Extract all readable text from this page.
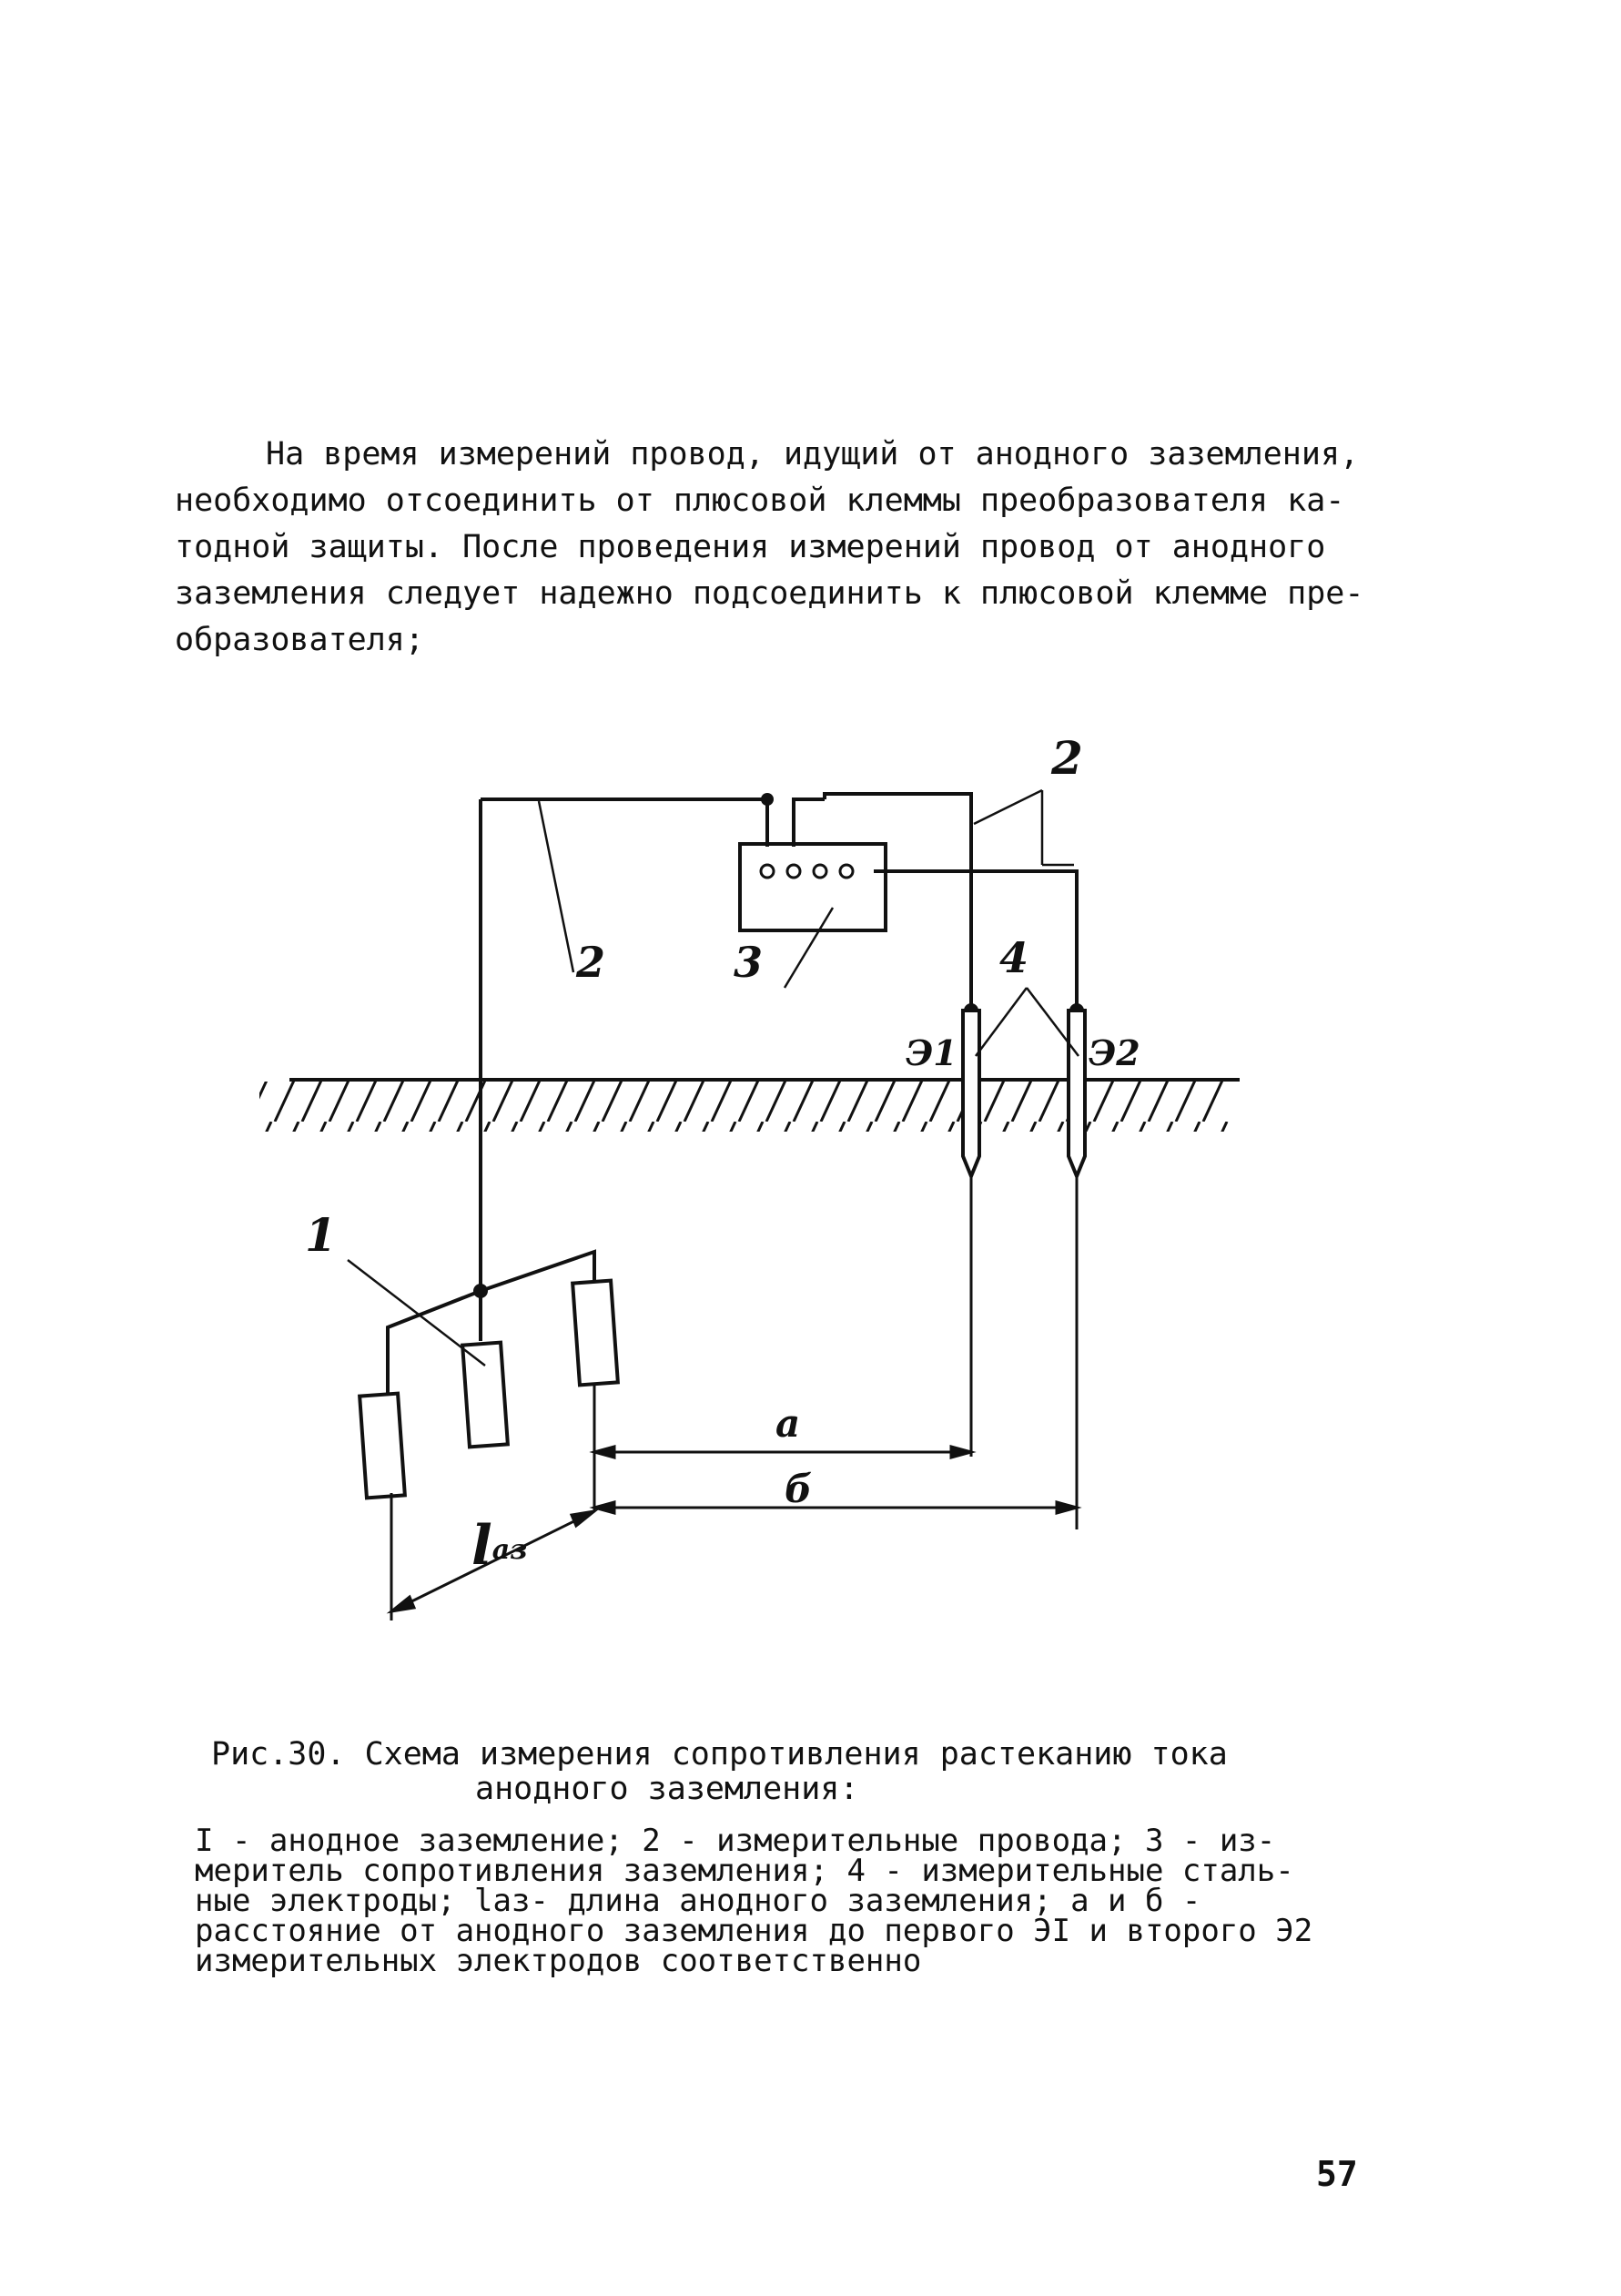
На время измерений провод, идущий от анодного заземления,
необходимо отсоединить от плюсовой клеммы преобразователя ка-
тодной защиты. После проведения измерений провод от анодного
заземления следует надежно подсоединить к плюсовой клемме пре-
образователя;

2
2	3	4
1
Э1	Э2
а
б
lаз

Рис.30. Схема измерения сопротивления растеканию тока
анодного заземления:

I - анодное заземление; 2 - измерительные провода; 3 - из-
меритель сопротивления заземления; 4 - измерительные сталь-
ные электроды; lаз- длина анодного заземления; а и б -
расстояние от анодного заземления до первого ЭI и второго Э2
измерительных электродов соответственно

57
